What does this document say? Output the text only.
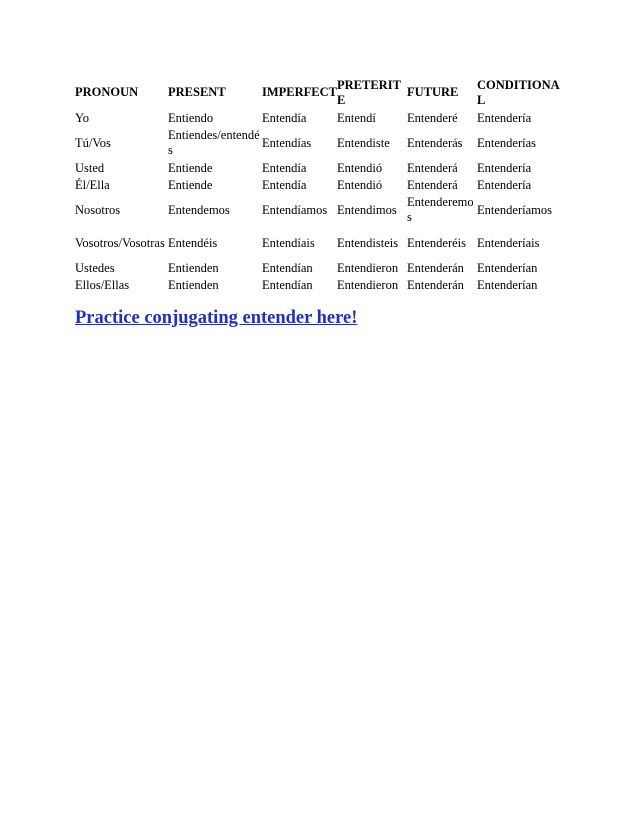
PRONOUN	PRESENT	IMPERFECT	PRETERITE	FUTURE	CONDITIONAL
Yo	Entiendo	Entendía	Entendí	Entenderé	Entendería
Tú/Vos	Entiendes/entendés	Entendías	Entendiste	Entenderás	Entenderías
Usted	Entiende	Entendía	Entendió	Entenderá	Entendería
Él/Ella	Entiende	Entendía	Entendió	Entenderá	Entendería
Nosotros	Entendemos	Entendíamos	Entendimos	Entenderemos	Entenderíamos
Vosotros/Vosotras	Entendéis	Entendíais	Entendisteis	Entenderéis	Entenderíais
Ustedes	Entienden	Entendían	Entendieron	Entenderán	Entenderían
Ellos/Ellas	Entienden	Entendían	Entendieron	Entenderán	Entenderían
Practice conjugating entender here!
